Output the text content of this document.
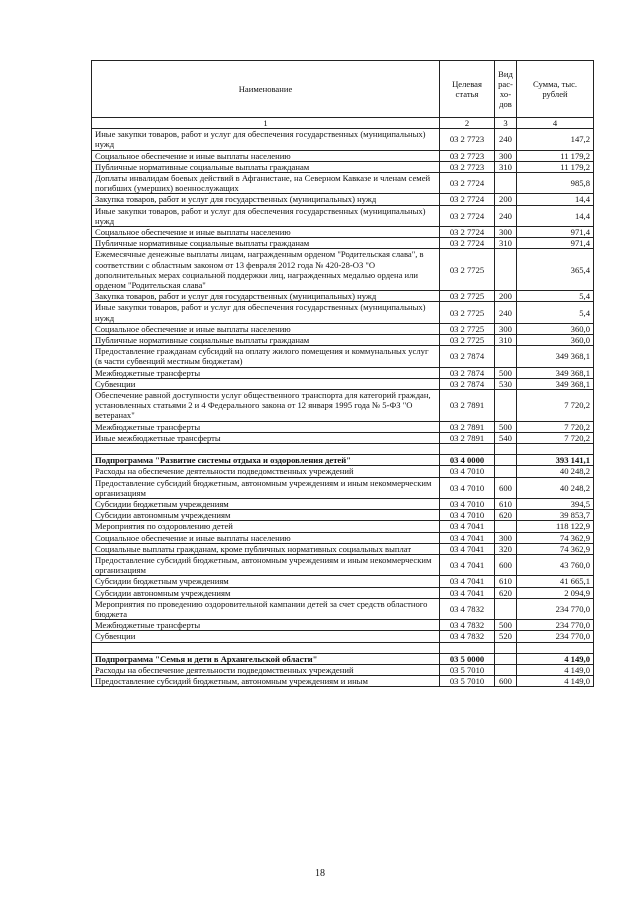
Наименование	Целевая статья	Вид рас- хо- дов	Сумма, тыс. рублей
1	2	3	4
Иные закупки товаров, работ и услуг для обеспечения государственных (муниципальных) нужд	03 2 7723	240	147,2
Социальное обеспечение и иные выплаты населению	03 2 7723	300	11 179,2
Публичные нормативные социальные выплаты гражданам	03 2 7723	310	11 179,2
Доплаты инвалидам боевых действий в Афганистане, на Северном Кавказе и членам семей погибших (умерших) военнослужащих	03 2 7724		985,8
Закупка товаров, работ и услуг для государственных (муниципальных) нужд	03 2 7724	200	14,4
Иные закупки товаров, работ и услуг для обеспечения государственных (муниципальных) нужд	03 2 7724	240	14,4
Социальное обеспечение и иные выплаты населению	03 2 7724	300	971,4
Публичные нормативные социальные выплаты гражданам	03 2 7724	310	971,4
Ежемесячные денежные выплаты лицам, награжденным орденом "Родительская слава", в соответствии с областным законом от 13 февраля 2012 года № 420-28-ОЗ "О дополнительных мерах социальной поддержки лиц, награжденных медалью ордена или орденом "Родительская слава"	03 2 7725		365,4
Закупка товаров, работ и услуг для государственных (муниципальных) нужд	03 2 7725	200	5,4
Иные закупки товаров, работ и услуг для обеспечения государственных (муниципальных) нужд	03 2 7725	240	5,4
Социальное обеспечение и иные выплаты населению	03 2 7725	300	360,0
Публичные нормативные социальные выплаты гражданам	03 2 7725	310	360,0
Предоставление гражданам субсидий на оплату жилого помещения и коммунальных услуг (в части субвенций местным бюджетам)	03 2 7874		349 368,1
Межбюджетные трансферты	03 2 7874	500	349 368,1
Субвенции	03 2 7874	530	349 368,1
Обеспечение равной доступности услуг общественного транспорта для категорий граждан, установленных статьями 2 и 4 Федерального закона от 12 января 1995 года № 5-ФЗ "О ветеранах"	03 2 7891		7 720,2
Межбюджетные трансферты	03 2 7891	500	7 720,2
Иные межбюджетные трансферты	03 2 7891	540	7 720,2

Подпрограмма "Развитие системы отдыха и оздоровления детей"	03 4 0000		393 141,1
Расходы на обеспечение деятельности подведомственных учреждений	03 4 7010		40 248,2
Предоставление субсидий бюджетным, автономным учреждениям и иным некоммерческим организациям	03 4 7010	600	40 248,2
Субсидии бюджетным учреждениям	03 4 7010	610	394,5
Субсидии автономным учреждениям	03 4 7010	620	39 853,7
Мероприятия по оздоровлению детей	03 4 7041		118 122,9
Социальное обеспечение и иные выплаты населению	03 4 7041	300	74 362,9
Социальные выплаты гражданам, кроме публичных нормативных социальных выплат	03 4 7041	320	74 362,9
Предоставление субсидий бюджетным, автономным учреждениям и иным некоммерческим организациям	03 4 7041	600	43 760,0
Субсидии бюджетным учреждениям	03 4 7041	610	41 665,1
Субсидии автономным учреждениям	03 4 7041	620	2 094,9
Мероприятия по проведению оздоровительной кампании детей за счет средств областного бюджета	03 4 7832		234 770,0
Межбюджетные трансферты	03 4 7832	500	234 770,0
Субвенции	03 4 7832	520	234 770,0

Подпрограмма "Семья и дети в Архангельской области"	03 5 0000		4 149,0
Расходы на обеспечение деятельности подведомственных учреждений	03 5 7010		4 149,0
Предоставление субсидий бюджетным, автономным учреждениям и иным	03 5 7010	600	4 149,0
18
